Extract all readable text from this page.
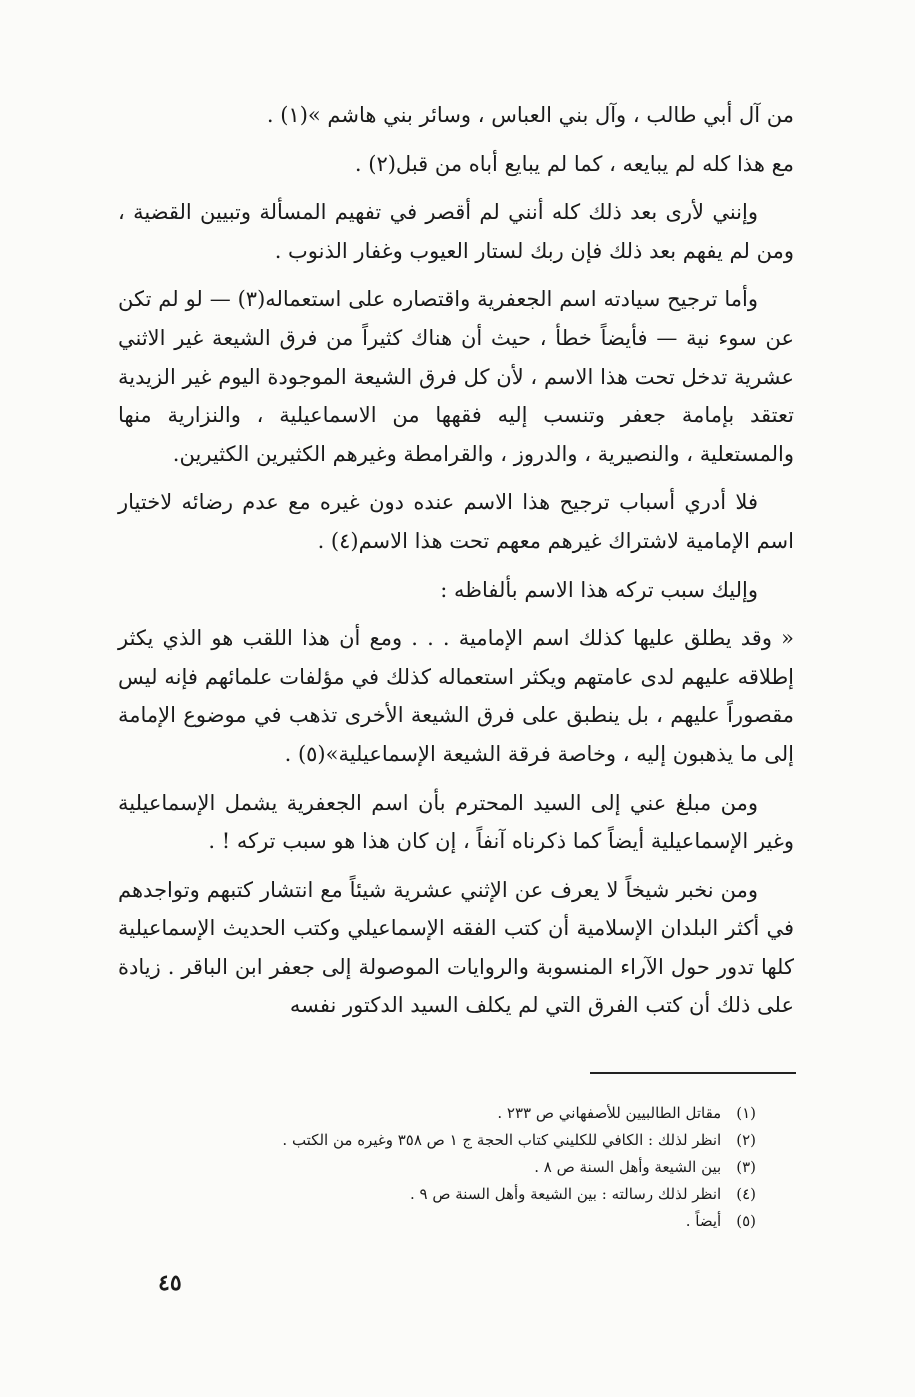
من آل أبي طالب ، وآل بني العباس ، وسائر بني هاشم »(١) .

مع هذا كله لم يبايعه ، كما لم يبايع أباه من قبل(٢) .

وإنني لأرى بعد ذلك كله أنني لم أقصر في تفهيم المسألة وتبيين القضية ، ومن لم يفهم بعد ذلك فإن ربك لستار العيوب وغفار الذنوب .

وأما ترجيح سيادته اسم الجعفرية واقتصاره على استعماله(٣) — لو لم تكن عن سوء نية — فأيضاً خطأ ، حيث أن هناك كثيراً من فرق الشيعة غير الاثني عشرية تدخل تحت هذا الاسم ، لأن كل فرق الشيعة الموجودة اليوم غير الزيدية تعتقد بإمامة جعفر وتنسب إليه فقهها من الاسماعيلية ، والنزارية منها والمستعلية ، والنصيرية ، والدروز ، والقرامطة وغيرهم الكثيرين الكثيرين.

فلا أدري أسباب ترجيح هذا الاسم عنده دون غيره مع عدم رضائه لاختيار اسم الإمامية لاشتراك غيرهم معهم تحت هذا الاسم(٤) .

وإليك سبب تركه هذا الاسم بألفاظه :

« وقد يطلق عليها كذلك اسم الإمامية . . . ومع أن هذا اللقب هو الذي يكثر إطلاقه عليهم لدى عامتهم ويكثر استعماله كذلك في مؤلفات علمائهم فإنه ليس مقصوراً عليهم ، بل ينطبق على فرق الشيعة الأخرى تذهب في موضوع الإمامة إلى ما يذهبون إليه ، وخاصة فرقة الشيعة الإسماعيلية»(٥) .

ومن مبلغ عني إلى السيد المحترم بأن اسم الجعفرية يشمل الإسماعيلية وغير الإسماعيلية أيضاً كما ذكرناه آنفاً ، إن كان هذا هو سبب تركه ! .

ومن نخبر شيخاً لا يعرف عن الإثني عشرية شيئاً مع انتشار كتبهم وتواجدهم في أكثر البلدان الإسلامية أن كتب الفقه الإسماعيلي وكتب الحديث الإسماعيلية كلها تدور حول الآراء المنسوبة والروايات الموصولة إلى جعفر ابن الباقر . زيادة على ذلك أن كتب الفرق التي لم يكلف السيد الدكتور نفسه

(١) مقاتل الطالبيين للأصفهاني ص ٢٣٣ .
(٢) انظر لذلك : الكافي للكليني كتاب الحجة ج ١ ص ٣٥٨ وغيره من الكتب .
(٣) بين الشيعة وأهل السنة ص ٨ .
(٤) انظر لذلك رسالته : بين الشيعة وأهل السنة ص ٩ .
(٥) أيضاً .
٤٥
